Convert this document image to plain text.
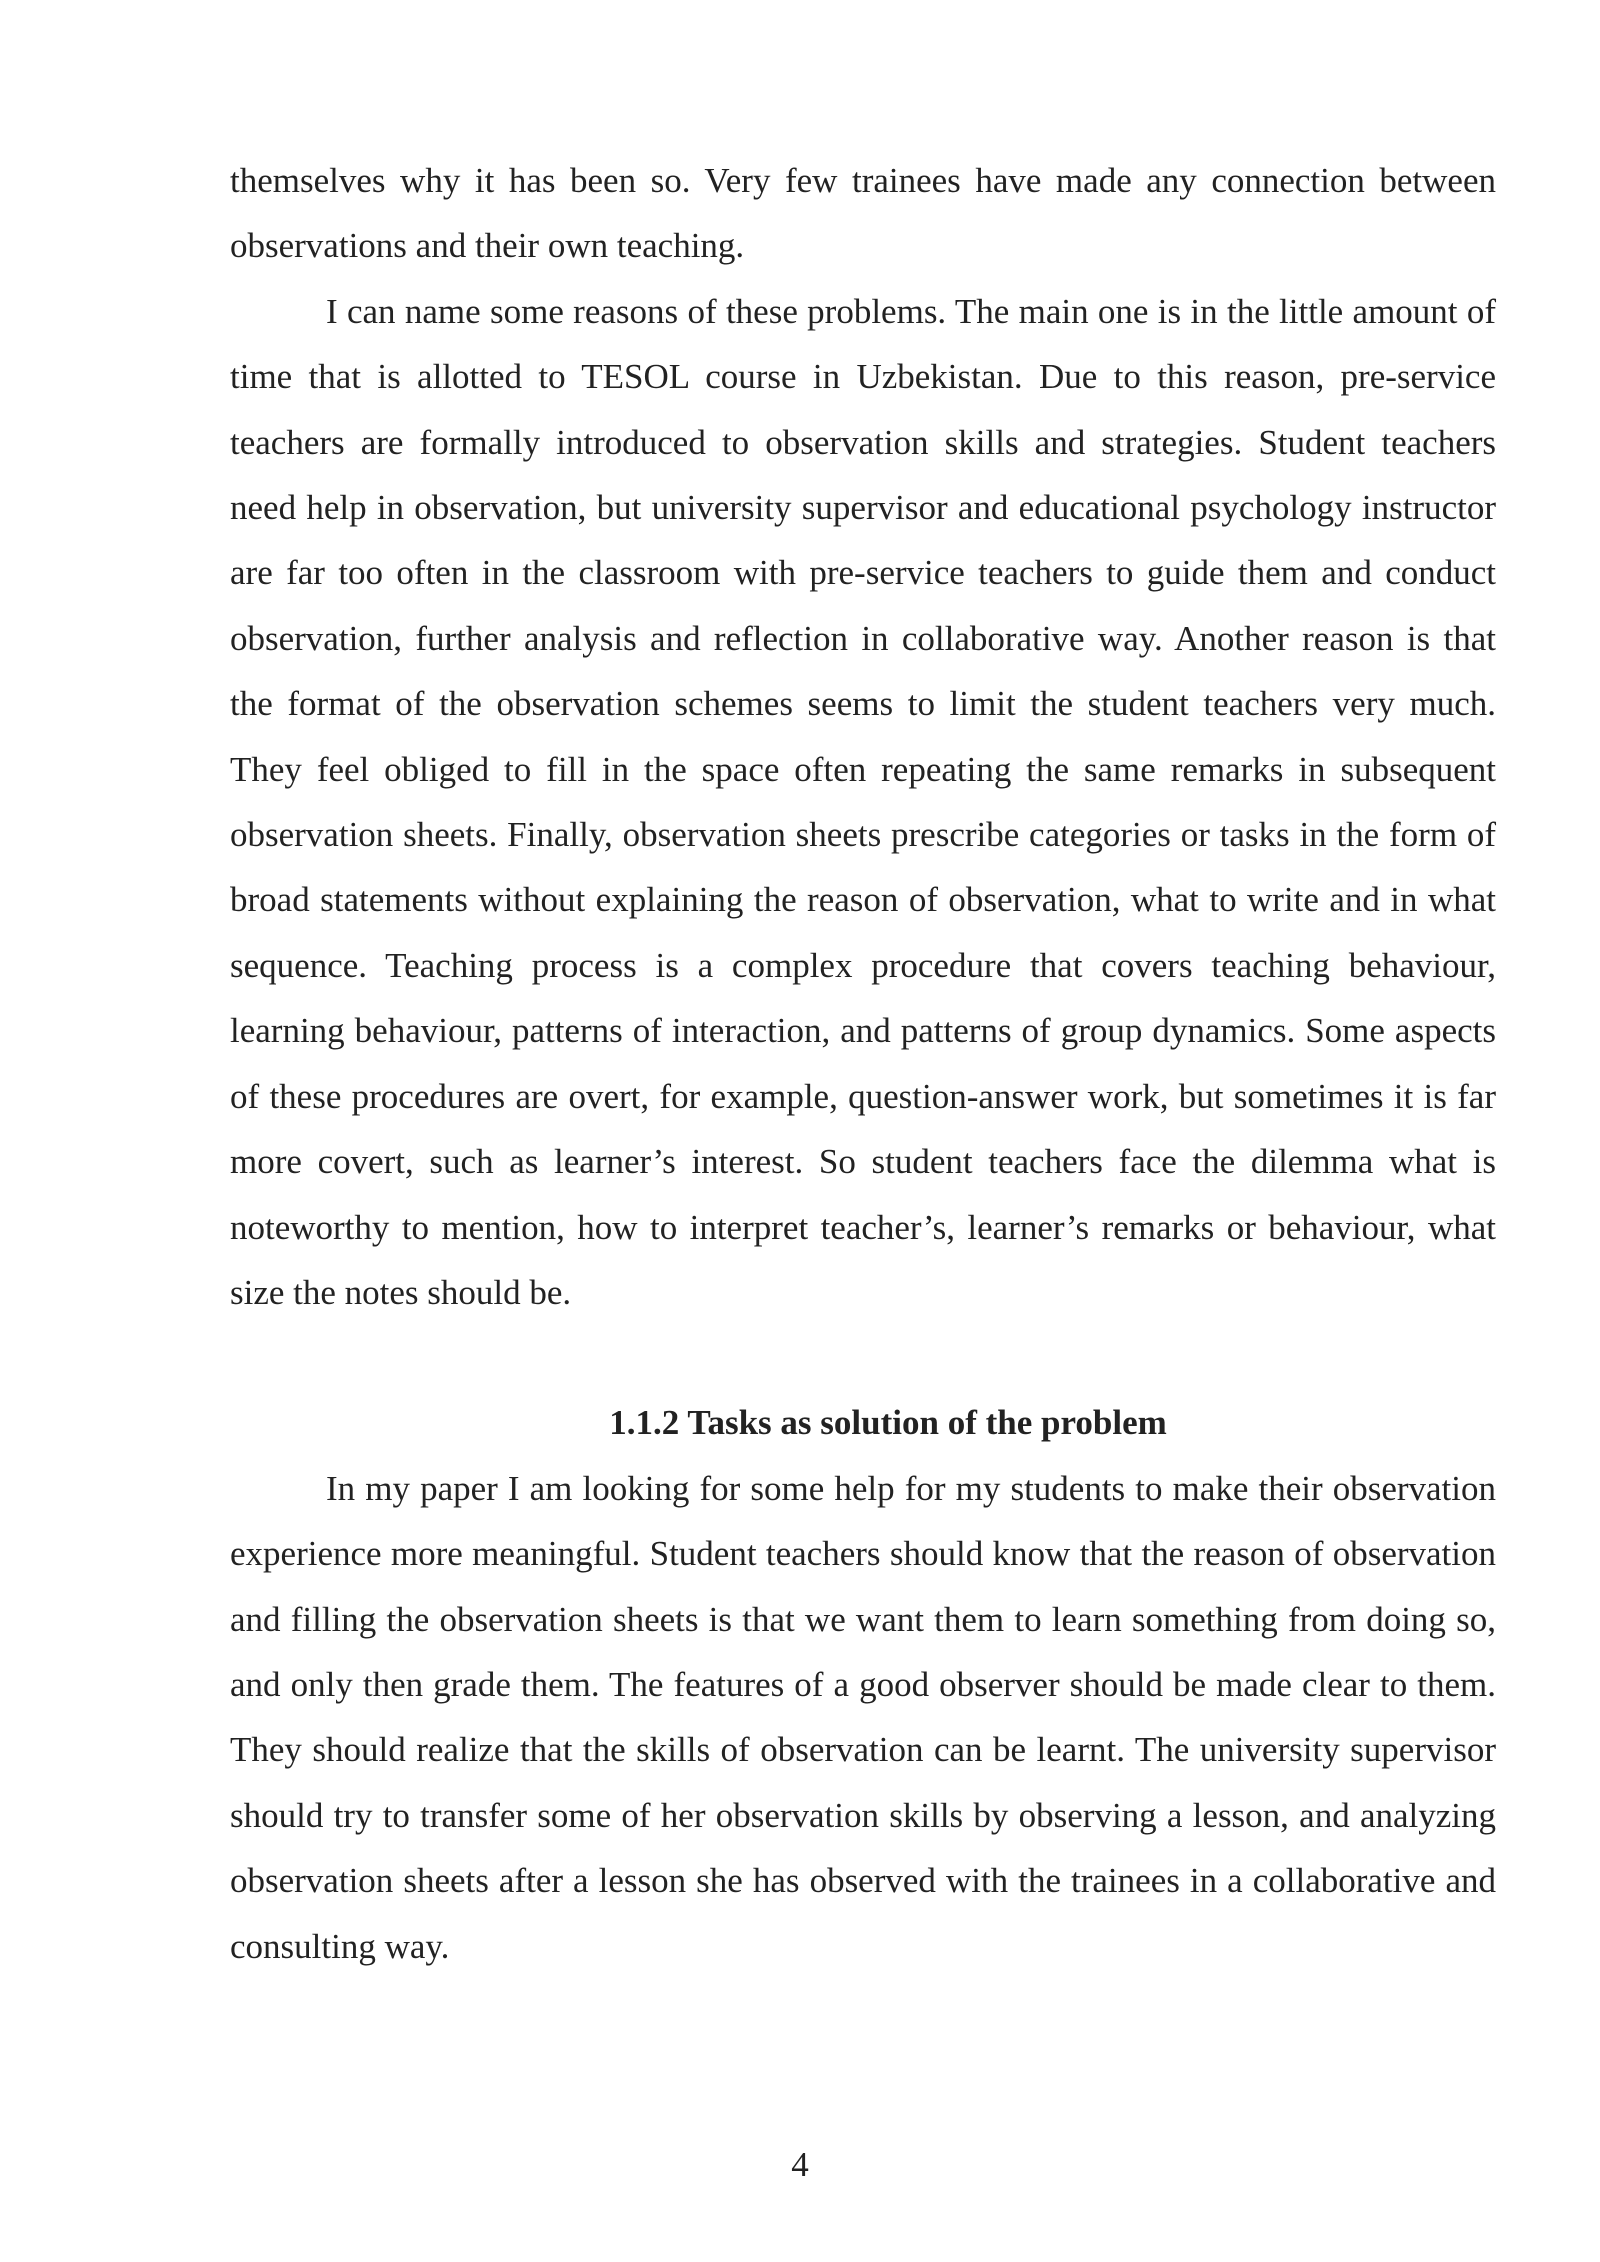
themselves why it has been so. Very few trainees have made any connection between observations and their own teaching.

I can name some reasons of these problems. The main one is in the little amount of time that is allotted to TESOL course in Uzbekistan. Due to this reason, pre-service teachers are formally introduced to observation skills and strategies. Student teachers need help in observation, but university supervisor and educational psychology instructor are far too often in the classroom with pre-service teachers to guide them and conduct observation, further analysis and reflection in collaborative way. Another reason is that the format of the observation schemes seems to limit the student teachers very much. They feel obliged to fill in the space often repeating the same remarks in subsequent observation sheets. Finally, observation sheets prescribe categories or tasks in the form of broad statements without explaining the reason of observation, what to write and in what sequence. Teaching process is a complex procedure that covers teaching behaviour, learning behaviour, patterns of interaction, and patterns of group dynamics. Some aspects of these procedures are overt, for example, question-answer work, but sometimes it is far more covert, such as learner’s interest. So student teachers face the dilemma what is noteworthy to mention, how to interpret teacher’s, learner’s remarks or behaviour, what size the notes should be.

1.1.2 Tasks as solution of the problem

In my paper I am looking for some help for my students to make their observation experience more meaningful. Student teachers should know that the reason of observation and filling the observation sheets is that we want them to learn something from doing so, and only then grade them. The features of a good observer should be made clear to them. They should realize that the skills of observation can be learnt. The university supervisor should try to transfer some of her observation skills by observing a lesson, and analyzing observation sheets after a lesson she has observed with the trainees in a collaborative and consulting way.

4
